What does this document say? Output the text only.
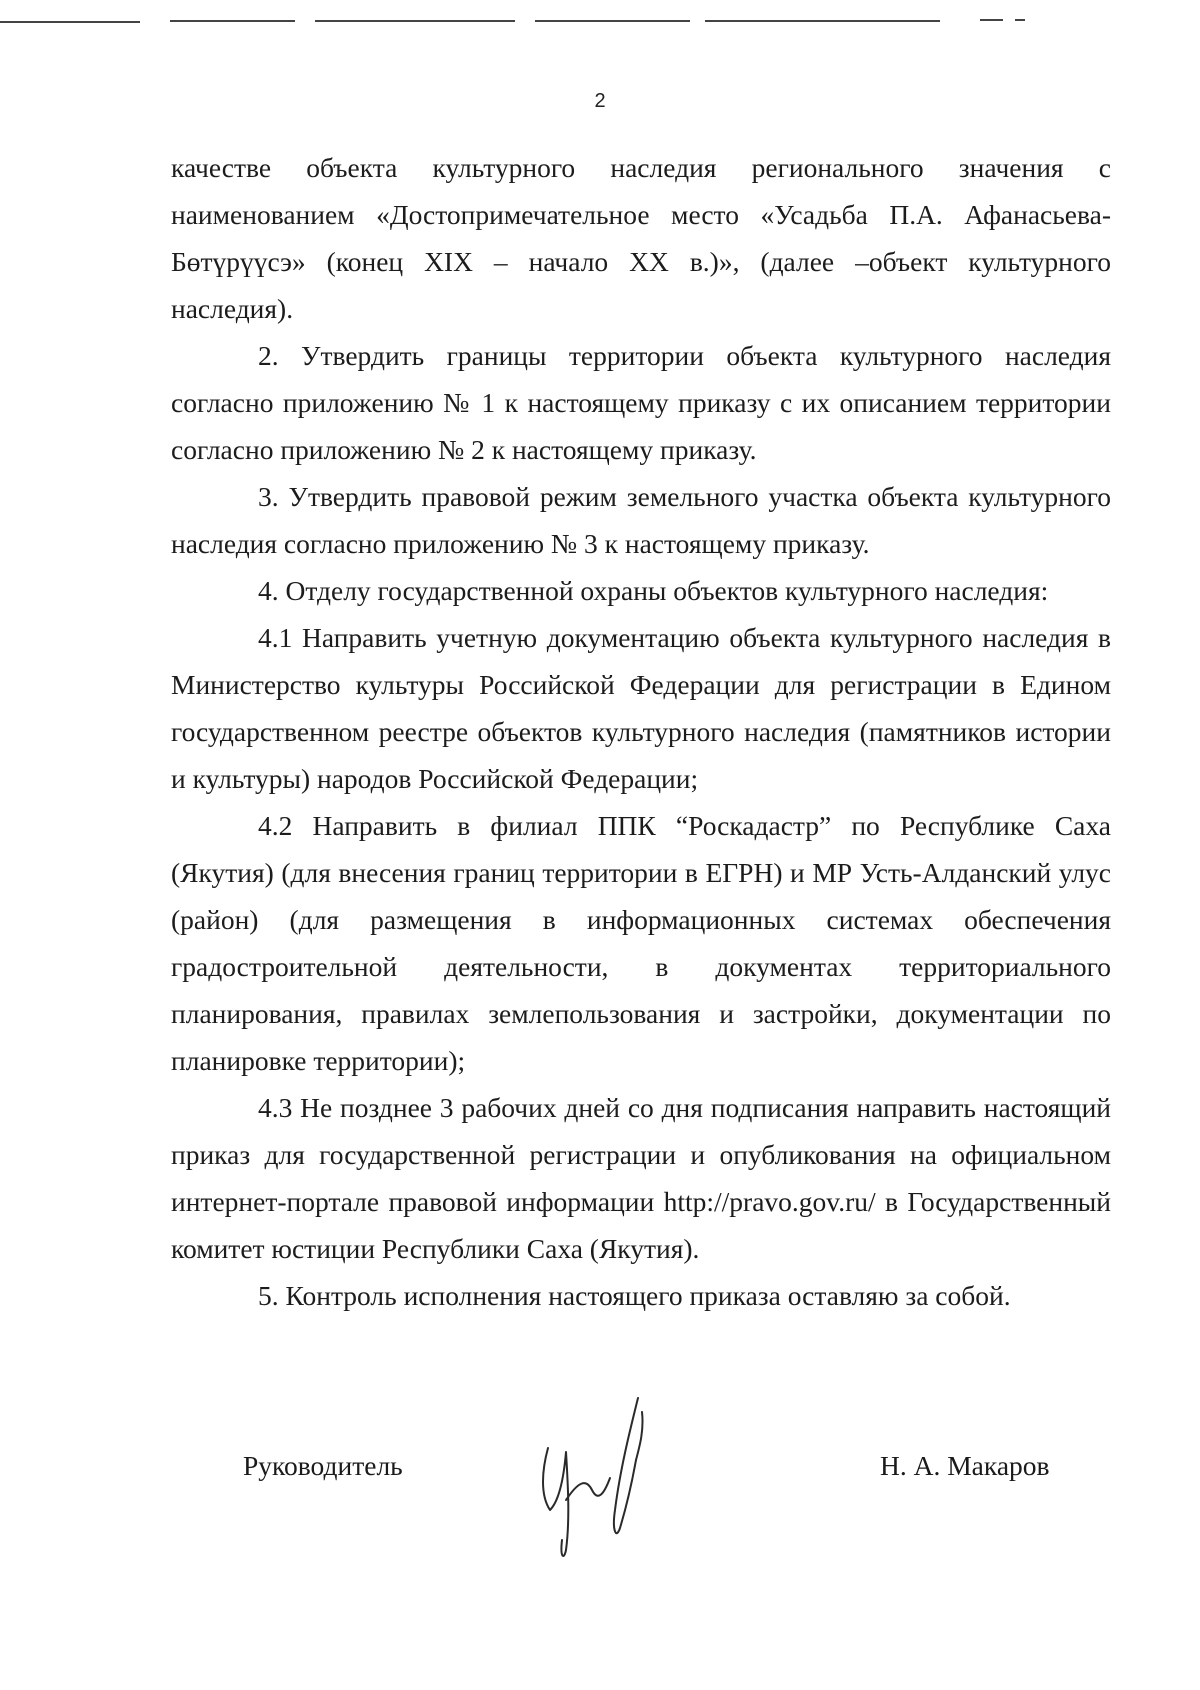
2

качестве объекта культурного наследия регионального значения с наименованием «Достопримечательное место «Усадьба П.А. Афанасьева-Бөтүрүүсэ» (конец XIX – начало XX в.)», (далее –объект культурного наследия).

2. Утвердить границы территории объекта культурного наследия согласно приложению № 1 к настоящему приказу с их описанием территории согласно приложению № 2 к настоящему приказу.

3. Утвердить правовой режим земельного участка объекта культурного наследия согласно приложению № 3 к настоящему приказу.

4. Отделу государственной охраны объектов культурного наследия:

4.1 Направить учетную документацию объекта культурного наследия в Министерство культуры Российской Федерации для регистрации в Едином государственном реестре объектов культурного наследия (памятников истории и культуры) народов Российской Федерации;

4.2 Направить в филиал ППК “Роскадастр” по Республике Саха (Якутия) (для внесения границ территории в ЕГРН) и МР Усть-Алданский улус (район) (для размещения в информационных системах обеспечения градостроительной деятельности, в документах территориального планирования, правилах землепользования и застройки, документации по планировке территории);

4.3 Не позднее 3 рабочих дней со дня подписания направить настоящий приказ для государственной регистрации и опубликования на официальном интернет-портале правовой информации http://pravo.gov.ru/ в Государственный комитет юстиции Республики Саха (Якутия).

5. Контроль исполнения настоящего приказа оставляю за собой.

Руководитель	Н. А. Макаров
